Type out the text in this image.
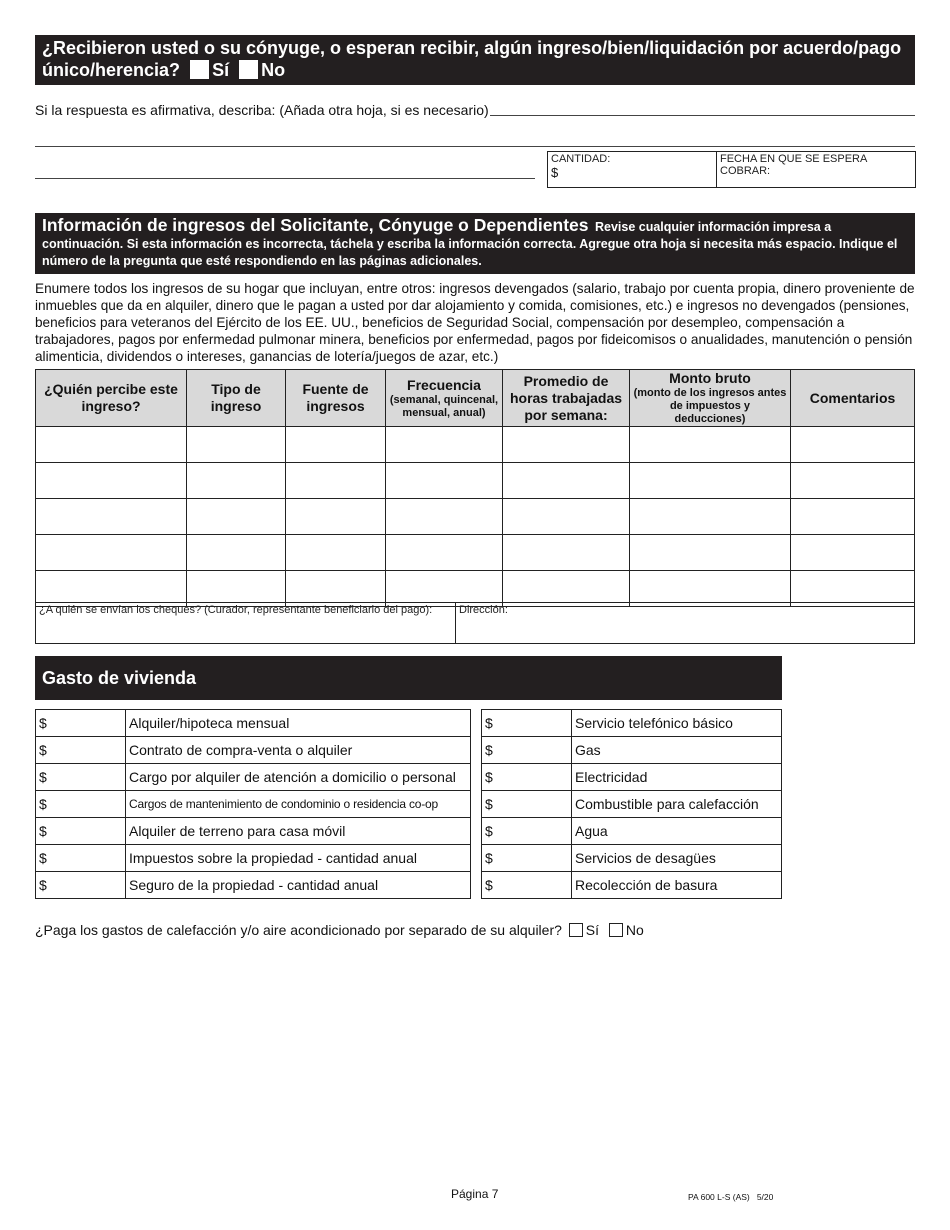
¿Recibieron usted o su cónyuge, o esperan recibir, algún ingreso/bien/liquidación por acuerdo/pago único/herencia? Sí No
Si la respuesta es afirmativa, describa: (Añada otra hoja, si es necesario)
CANTIDAD:
$
FECHA EN QUE SE ESPERA COBRAR:
Información de ingresos del Solicitante, Cónyuge o Dependientes Revise cualquier información impresa a continuación. Si esta información es incorrecta, táchela y escriba la información correcta. Agregue otra hoja si necesita más espacio. Indique el número de la pregunta que esté respondiendo en las páginas adicionales.
Enumere todos los ingresos de su hogar que incluyan, entre otros: ingresos devengados (salario, trabajo por cuenta propia, dinero proveniente de inmuebles que da en alquiler, dinero que le pagan a usted por dar alojamiento y comida, comisiones, etc.) e ingresos no devengados (pensiones, beneficios para veteranos del Ejército de los EE. UU., beneficios de Seguridad Social, compensación por desempleo, compensación a trabajadores, pagos por enfermedad pulmonar minera, beneficios por enfermedad, pagos por fideicomisos o anualidades, manutención o pensión alimenticia, dividendos o intereses, ganancias de lotería/juegos de azar, etc.)
¿Quién percibe este ingreso?	Tipo de ingreso	Fuente de ingresos	Frecuencia
(semanal, quincenal, mensual, anual)	Promedio de horas trabajadas por semana:	Monto bruto
(monto de los ingresos antes de impuestos y deducciones)	Comentarios

¿A quién se envían los cheques? (Curador, representante beneficiario del pago):	Dirección:
Gasto de vivienda
$	Alquiler/hipoteca mensual
$	Contrato de compra-venta o alquiler
$	Cargo por alquiler de atención a domicilio o personal
$	Cargos de mantenimiento de condominio o residencia co-op
$	Alquiler de terreno para casa móvil
$	Impuestos sobre la propiedad - cantidad anual
$	Seguro de la propiedad - cantidad anual
$	Servicio telefónico básico
$	Gas
$	Electricidad
$	Combustible para calefacción
$	Agua
$	Servicios de desagües
$	Recolección de basura
¿Paga los gastos de calefacción y/o aire acondicionado por separado de su alquiler? Sí No
Página 7	PA 600 L-S (AS)   5/20
